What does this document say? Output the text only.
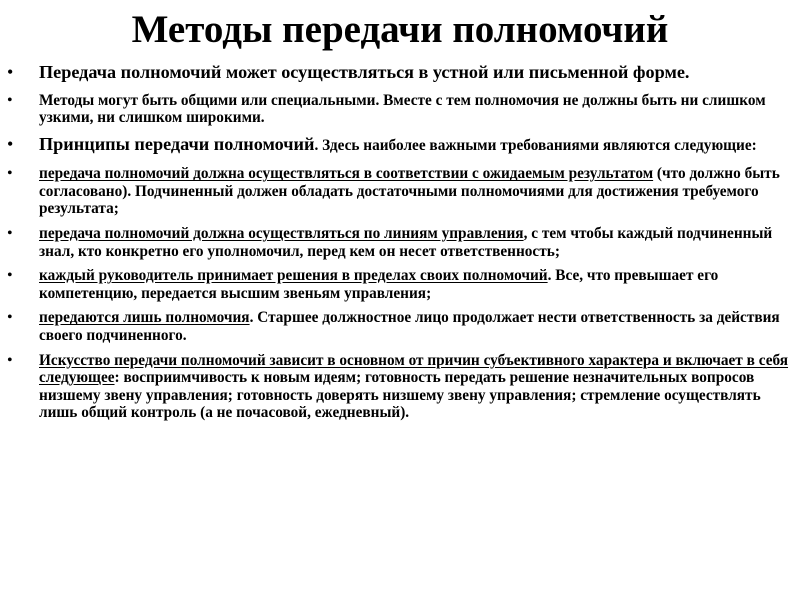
Методы передачи полномочий
• Передача полномочий может осуществляться в устной или письменной форме.
• Методы могут быть общими или специальными. Вместе с тем полномочия не должны быть ни слишком узкими, ни слишком широкими.
• Принципы передачи полномочий. Здесь наиболее важными требованиями являются следующие:
• передача полномочий должна осуществляться в соответствии с ожидаемым результатом (что должно быть согласовано). Подчиненный должен обладать достаточными полномочиями для достижения требуемого результата;
• передача полномочий должна осуществляться по линиям управления, с тем чтобы каждый подчиненный знал, кто конкретно его уполномочил, перед кем он несет ответственность;
• каждый руководитель принимает решения в пределах своих полномочий. Все, что превышает его компетенцию, передается высшим звеньям управления;
• передаются лишь полномочия. Старшее должностное лицо продолжает нести ответственность за действия своего подчиненного.
• Искусство передачи полномочий зависит в основном от причин субъективного характера и включает в себя следующее: восприимчивость к новым идеям; готовность передать решение незначительных вопросов низшему звену управления; готовность доверять низшему звену управления; стремление осуществлять лишь общий контроль (а не почасовой, ежедневный).
